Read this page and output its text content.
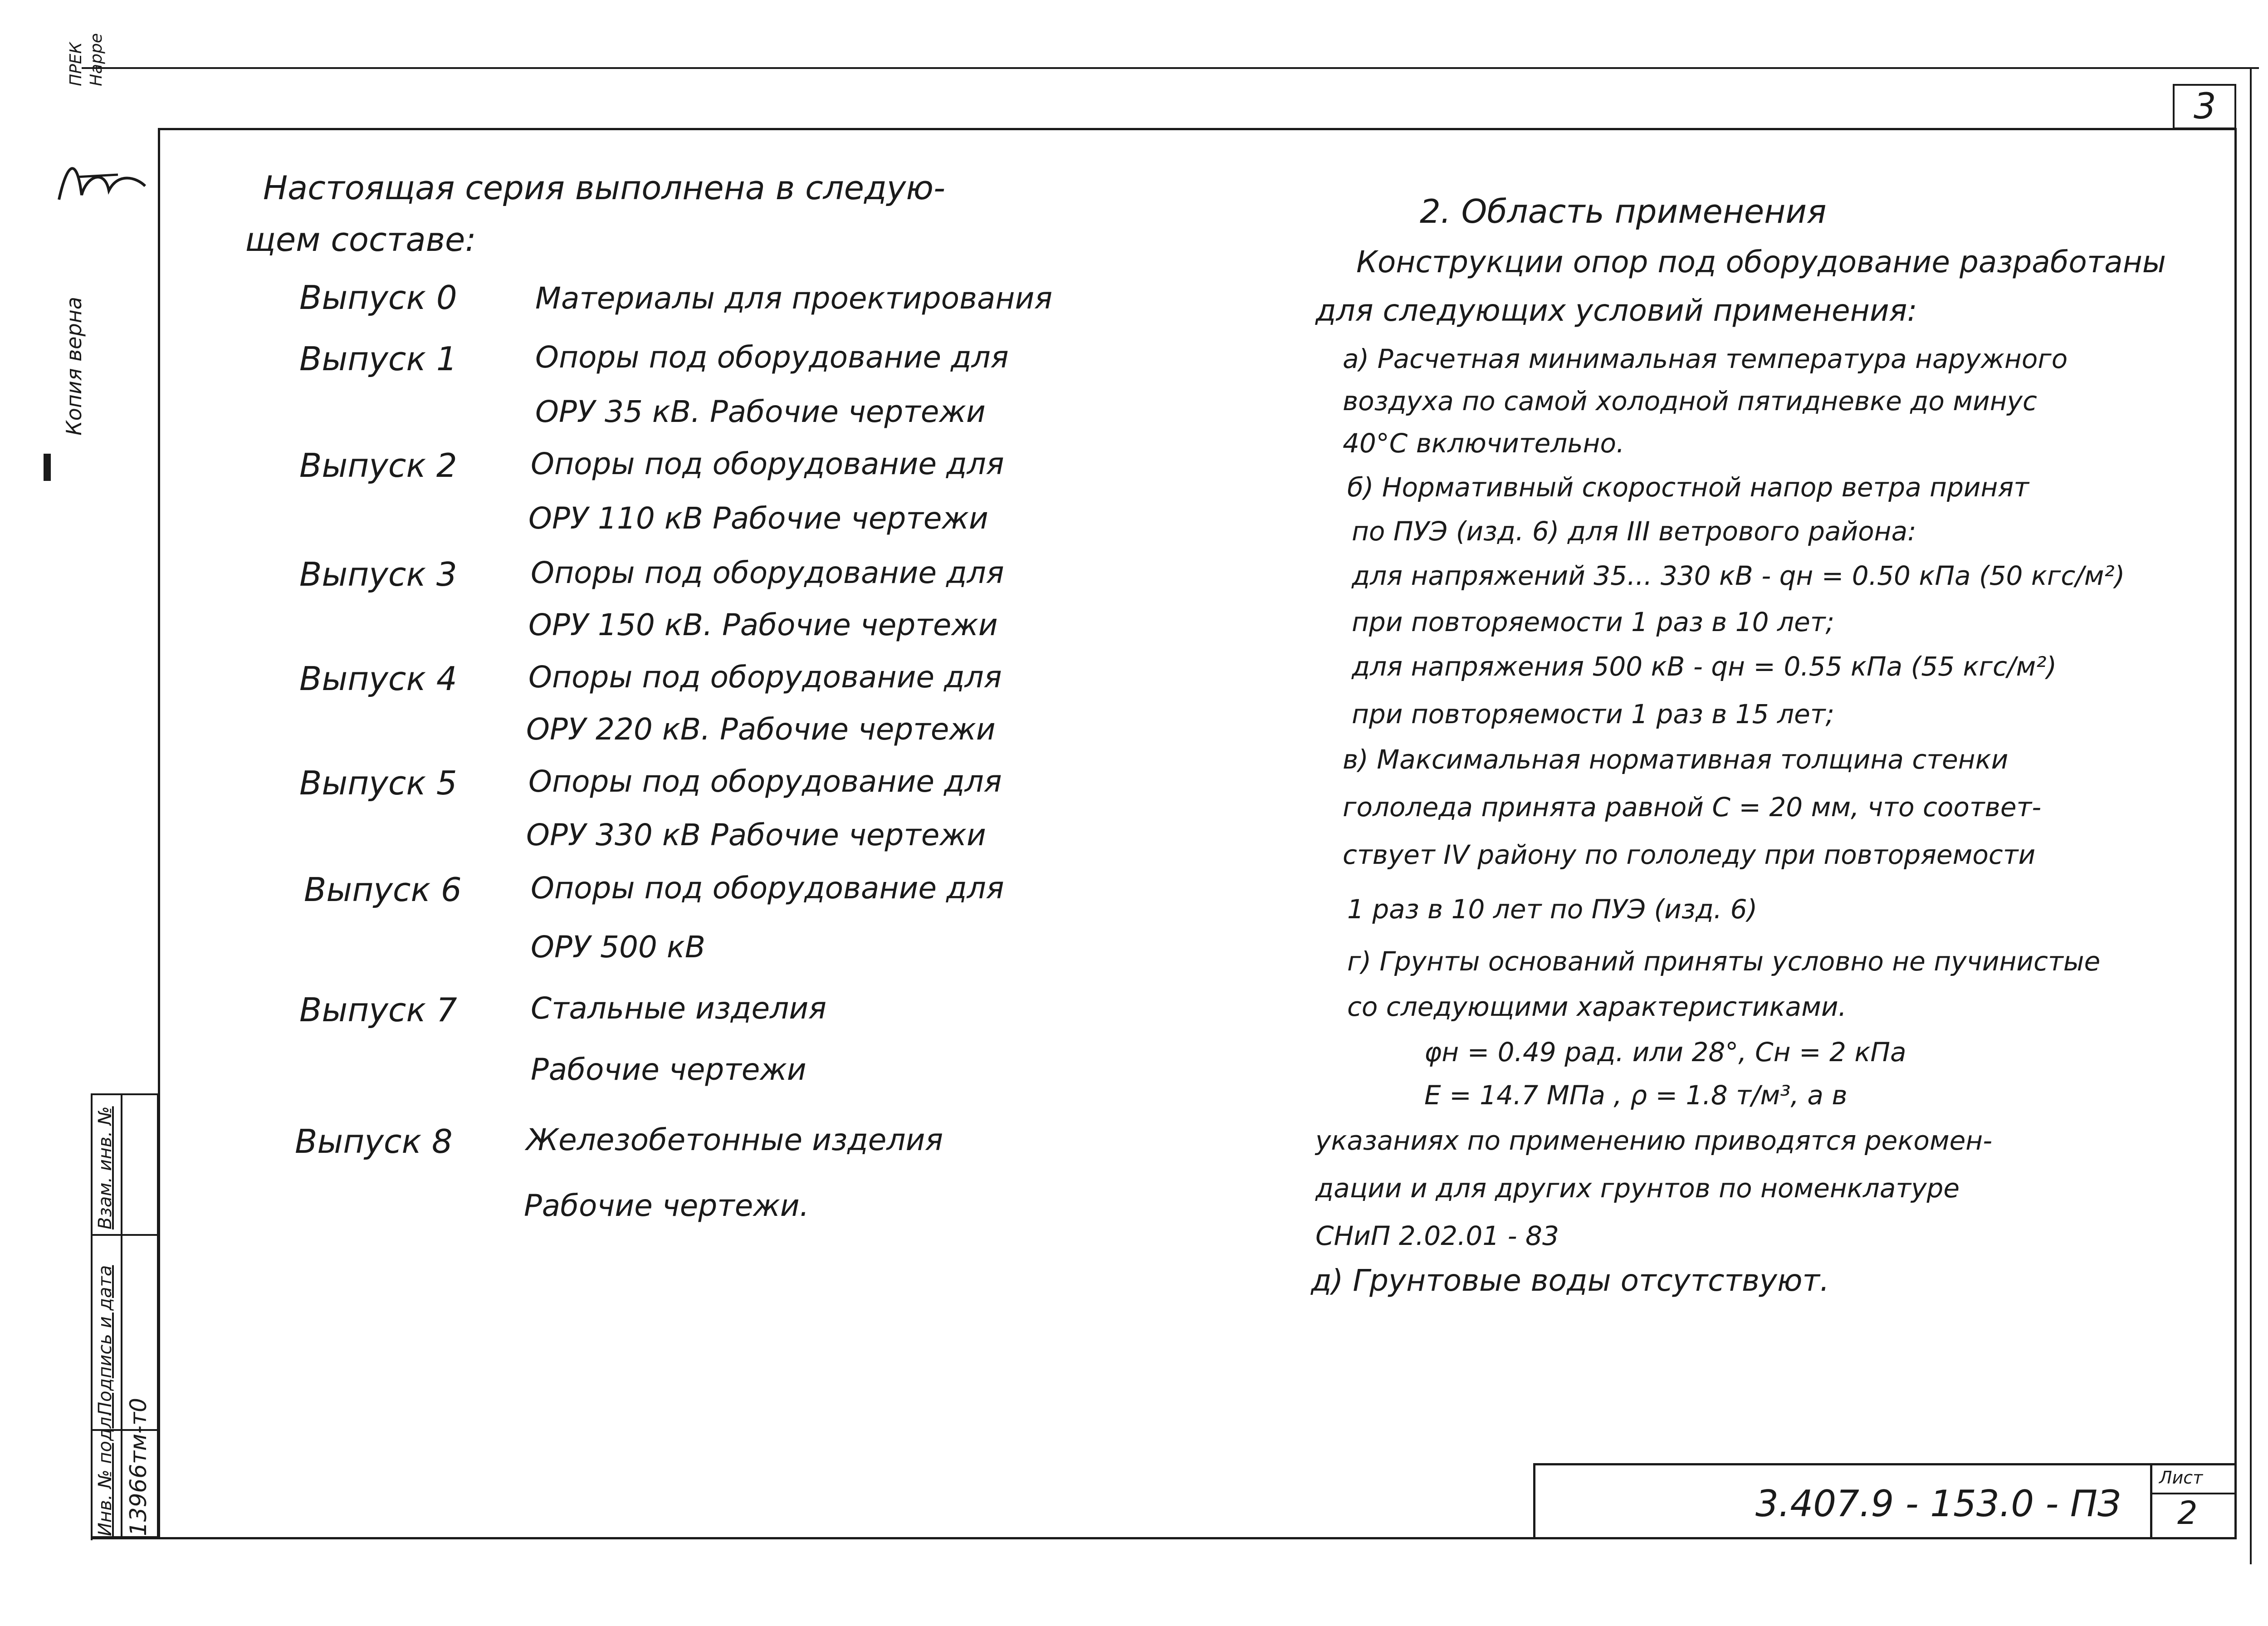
3
ПРЕК Нарре
Копия верна
Инв. № подл. 13966тм-т0
Подпись и дата
Взам. инв. №
Настоящая серия выполнена в следую-
щем составе:
Выпуск 0	Материалы для проектирования
Выпуск 1	Опоры под оборудование для
ОРУ 35 кВ. Рабочие чертежи
Выпуск 2 Опоры под оборудование для
ОРУ 110 кВ Рабочие чертежи
Выпуск 3 Опоры под оборудование для
ОРУ 150 кВ. Рабочие чертежи
Выпуск 4 Опоры под оборудование для
ОРУ 220 кВ. Рабочие чертежи
Выпуск 5 Опоры под оборудование для
ОРУ 330 кВ Рабочие чертежи
Выпуск 6 Опоры под оборудование для
ОРУ 500 кВ
Выпуск 7 Стальные изделия
Рабочие чертежи
Выпуск 8 Железобетонные изделия
Рабочие чертежи.
2. Область применения
Конструкции опор под оборудование разработаны
для следующих условий применения:
а) Расчетная минимальная температура наружного
воздуха по самой холодной пятидневке до минус
40°С включительно.
б) Нормативный скоростной напор ветра принят
по ПУЭ (изд. 6) для III ветрового района:
для напряжений 35... 330 кВ - qн = 0.50 кПа (50 кгс/м²)
при повторяемости 1 раз в 10 лет;
для напряжения 500 кВ - qн = 0.55 кПа (55 кгс/м²)
при повторяемости 1 раз в 15 лет;
в) Максимальная нормативная толщина стенки
гололеда принята равной С = 20 мм, что соответ-
ствует IV району по гололеду при повторяемости
1 раз в 10 лет по ПУЭ (изд. 6)
г) Грунты оснований приняты условно не пучинистые
со следующими характеристиками.
φн = 0.49 рад. или 28°, Сн = 2 кПа
Е = 14.7 МПа , ρ = 1.8 т/м³, а в
указаниях по применению приводятся рекомен-
дации и для других грунтов по номенклатуре
СНиП 2.02.01 - 83
д) Грунтовые воды отсутствуют.
3.407.9 - 153.0 - ПЗ
Лист
2
